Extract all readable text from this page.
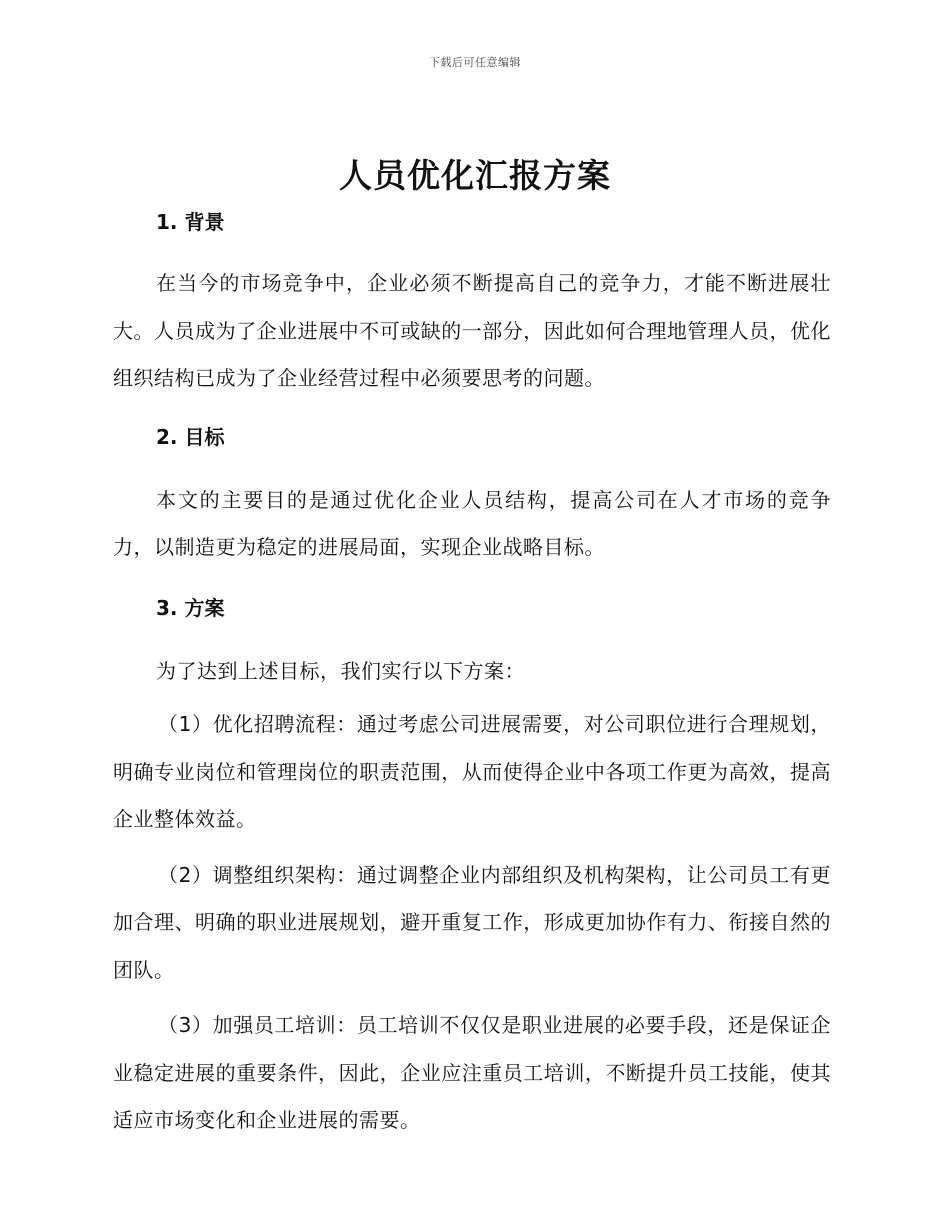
下载后可任意编辑
人员优化汇报方案
1. 背景

在当今的市场竞争中，企业必须不断提高自己的竞争力，才能不断进展壮大。人员成为了企业进展中不可或缺的一部分，因此如何合理地管理人员，优化组织结构已成为了企业经营过程中必须要思考的问题。

2. 目标

本文的主要目的是通过优化企业人员结构，提高公司在人才市场的竞争力，以制造更为稳定的进展局面，实现企业战略目标。

3. 方案

为了达到上述目标，我们实行以下方案：

（1）优化招聘流程：通过考虑公司进展需要，对公司职位进行合理规划，明确专业岗位和管理岗位的职责范围，从而使得企业中各项工作更为高效，提高企业整体效益。

（2）调整组织架构：通过调整企业内部组织及机构架构，让公司员工有更加合理、明确的职业进展规划，避开重复工作，形成更加协作有力、衔接自然的团队。

（3）加强员工培训：员工培训不仅仅是职业进展的必要手段，还是保证企业稳定进展的重要条件，因此，企业应注重员工培训，不断提升员工技能，使其适应市场变化和企业进展的需要。
